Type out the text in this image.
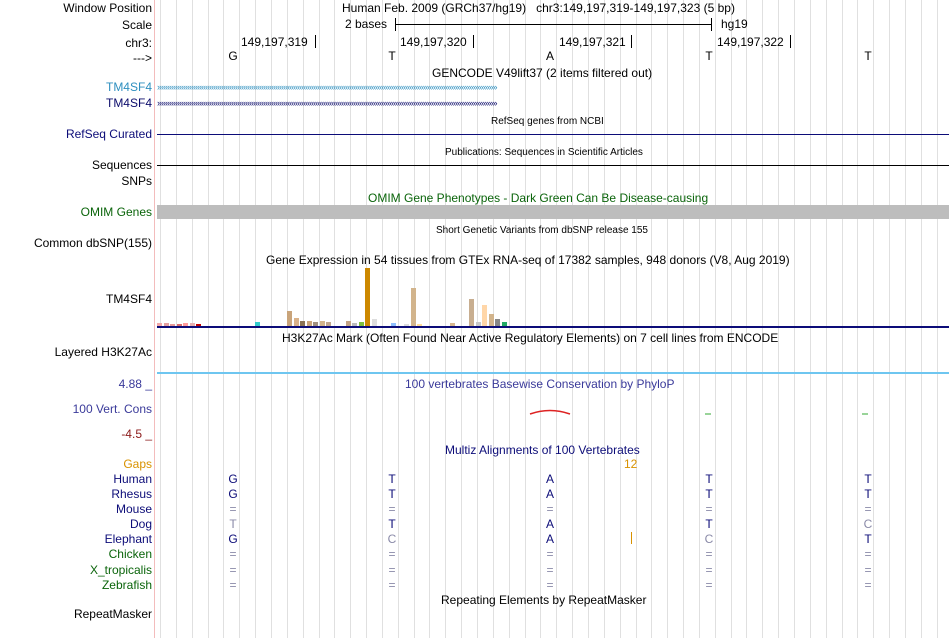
Window Position	Human Feb. 2009 (GRCh37/hg19) chr3:149,197,319-149,197,323 (5 bp)
Scale	2 bases	hg19
chr3:	149,197,319	149,197,320	149,197,321	149,197,322
--->	G	T	A	T	T
GENCODE V49lift37 (2 items filtered out)
TM4SF4 ››››››››››››››››››››››››››››››››››››››››››››››››››››››››››››››››››››››››››››››››››››››››››››››››››››››››››››››››››››››››››››››››››››››››››››››››››››››››››››››››››››››››››
TM4SF4 ››››››››››››››››››››››››››››››››››››››››››››››››››››››››››››››››››››››››››››››››››››››››››››››››››››››››››››››››››››››››››››››››››››››››››››››››››››››››››››››››››››››››››
RefSeq genes from NCBI
RefSeq Curated
Publications: Sequences in Scientific Articles
Sequences
SNPs
OMIM Gene Phenotypes - Dark Green Can Be Disease-causing
OMIM Genes
Short Genetic Variants from dbSNP release 155
Common dbSNP(155)
Gene Expression in 54 tissues from GTEx RNA-seq of 17382 samples, 948 donors (V8, Aug 2019)
TM4SF4
H3K27Ac Mark (Often Found Near Active Regulatory Elements) on 7 cell lines from ENCODE
Layered H3K27Ac
4.88 _	100 vertebrates Basewise Conservation by PhyloP
100 Vert. Cons
-4.5 _
Multiz Alignments of 100 Vertebrates
Gaps	12
Human	G	T	A	T	T
Rhesus	G	T	A	T	T
Mouse	=	=	=	=	=
Dog	T	T	A	T	C
Elephant	G	C	A	C	T
Chicken	=	=	=	=	=
X_tropicalis	=	=	=	=	=
Zebrafish	=	=	=	=	=
Repeating Elements by RepeatMasker
RepeatMasker
